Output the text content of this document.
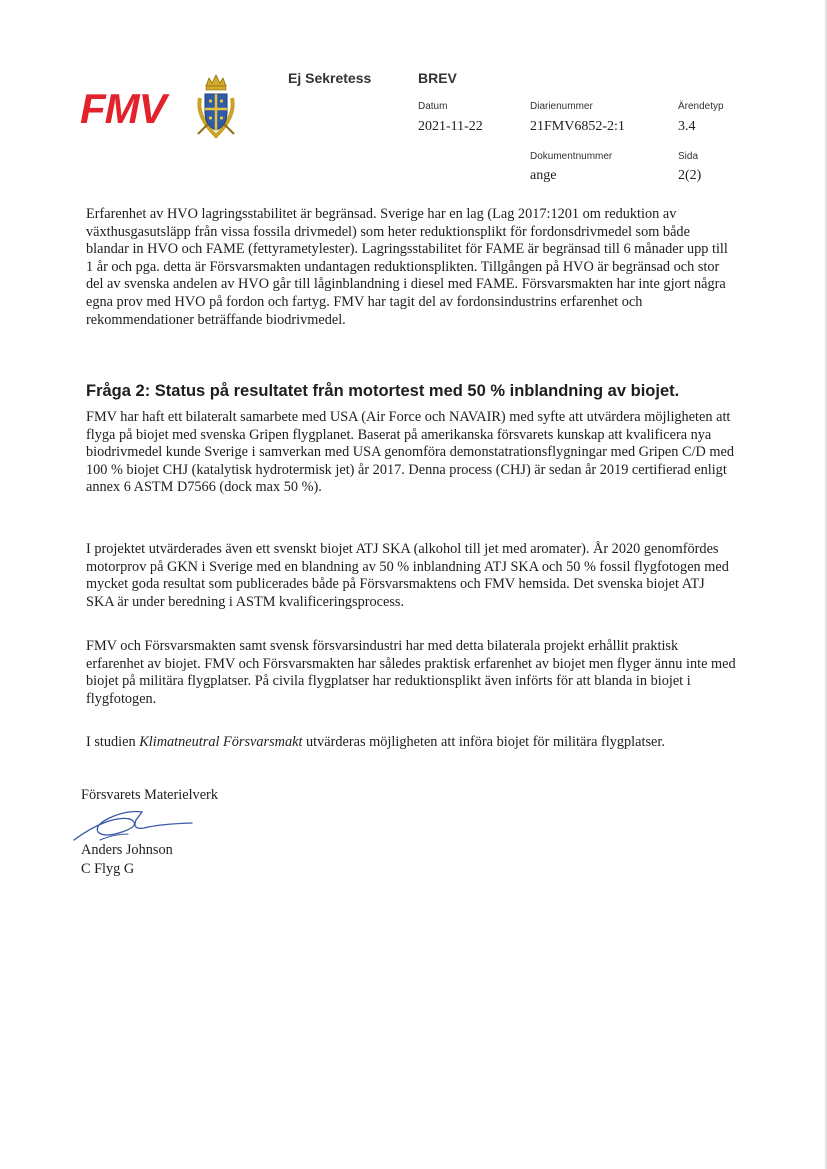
FMV
Ej Sekretess	BREV
Datum
2021-11-22
Diarienummer
21FMV6852-2:1
Ärendetyp
3.4
Dokumentnummer
ange
Sida
2(2)

Erfarenhet av HVO lagringsstabilitet är begränsad. Sverige har en lag (Lag 2017:1201 om reduktion av växthusgasutsläpp från vissa fossila drivmedel) som heter reduktionsplikt för fordonsdrivmedel som både blandar in HVO och FAME (fettyrametylester). Lagringsstabilitet för FAME är begränsad till 6 månader upp till 1 år och pga. detta är Försvarsmakten undantagen reduktionsplikten. Tillgången på HVO är begränsad och stor del av svenska andelen av HVO går till låginblandning i diesel med FAME. Försvarsmakten har inte gjort några egna prov med HVO på fordon och fartyg. FMV har tagit del av fordonsindustrins erfarenhet och rekommendationer beträffande biodrivmedel.

Fråga 2: Status på resultatet från motortest med 50 % inblandning av biojet.

FMV har haft ett bilateralt samarbete med USA (Air Force och NAVAIR) med syfte att utvärdera möjligheten att flyga på biojet med svenska Gripen flygplanet. Baserat på amerikanska försvarets kunskap att kvalificera nya biodrivmedel kunde Sverige i samverkan med USA genomföra demonstatrationsflygningar med Gripen C/D med 100 % biojet CHJ (katalytisk hydrotermisk jet) år 2017. Denna process (CHJ) är sedan år 2019 certifierad enligt annex 6 ASTM D7566 (dock max 50 %).

I projektet utvärderades även ett svenskt biojet ATJ SKA (alkohol till jet med aromater). År 2020 genomfördes motorprov på GKN i Sverige med en blandning av 50 % inblandning ATJ SKA och 50 % fossil flygfotogen med mycket goda resultat som publicerades både på Försvarsmaktens och FMV hemsida. Det svenska biojet ATJ SKA är under beredning i ASTM kvalificeringsprocess.

FMV och Försvarsmakten samt svensk försvarsindustri har med detta bilaterala projekt erhållit praktisk erfarenhet av biojet. FMV och Försvarsmakten har således praktisk erfarenhet av biojet men flyger ännu inte med biojet på militära flygplatser. På civila flygplatser har reduktionsplikt även införts för att blanda in biojet i flygfotogen.

I studien Klimatneutral Försvarsmakt utvärderas möjligheten att införa biojet för militära flygplatser.

Försvarets Materielverk
Anders Johnson
C Flyg G
